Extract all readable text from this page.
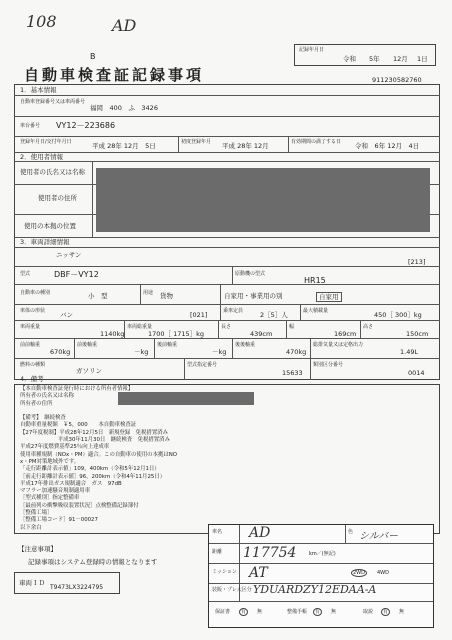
108	AD
B
記録年月日
令和 5年 12月 1日
自動車検査証記録事項	911230582760
1．基本情報
自動車登録番号又は車両番号
福岡　400　ふ　3426
車台番号 VY12－223686
登録年月日/交付年月日	平成 28年 12月　5日	初度登録年月 平成 28年 12月	有効期間の満了する日 令和　6年 12月　4日
2．使用者情報
使用者の氏名又は名称
使用者の住所
使用の本拠の位置
3．車両詳細情報
ニッサン
[213]
型式	DBF－VY12	原動機の型式
HR15
自動車の種別	小　型	用途 貨物	自家用・事業用の別	自家用
車体の形状 バン	[021]	乗車定員	2［5］人	最大積載量	450［ 300］kg
車両重量
1140kg
車両総重量
1700［ 1715］kg
長さ
439cm
幅
169cm
高さ
150cm
前前軸重
670kg
前後軸重
－kg
後前軸重
－kg
後後軸重
470kg
総排気量又は定格出力
1.49L
燃料の種類
ガソリン
型式指定番号
15633
類別区分番号
0014
4．備考
【本自動車検査証発行時における所有者情報】
所有者の氏名又は名称
所有者の住所

【備考】　継続検査
自動車重量税額　￥5，000　　本自動車検査証
【27年度税制】平成28年12月5日　新規登録　免税措置済み
　　　　　　　平成30年11月30日　継続検査　免税措置済み
平成27年度燃費基準25％向上達成車
使用車種規制（NOx・PM）適合。この自動車の使用の本拠はNO
x・PM対策地域外です。
「走行距離計表示値」109，400km（令和5年12月1日）
［前走行距離計表示値］96，200km（令和4年11月25日）
平成17年排出ガス規制適合　ガス　97dB
マフラー加速騒音規制適用車
［型式種別］指定整備車
［最前列の衝撃吸収装置状況］点検整備記録簿付
［整備工場］
［整備工場コード］91－00027
以下余白
【注意事項】
記録事項はシステム登録時の情報となります
車両ＩＤ
T9473LX3224795
車名 AD	色 シルバー
距離 117754	km／(無記)
ミッション AT	2WD	4WD
装販・プレ大区分 YDUARDZY12EDAA-A
保証書	有	無	整備手帳	有	無	取説	有	無
